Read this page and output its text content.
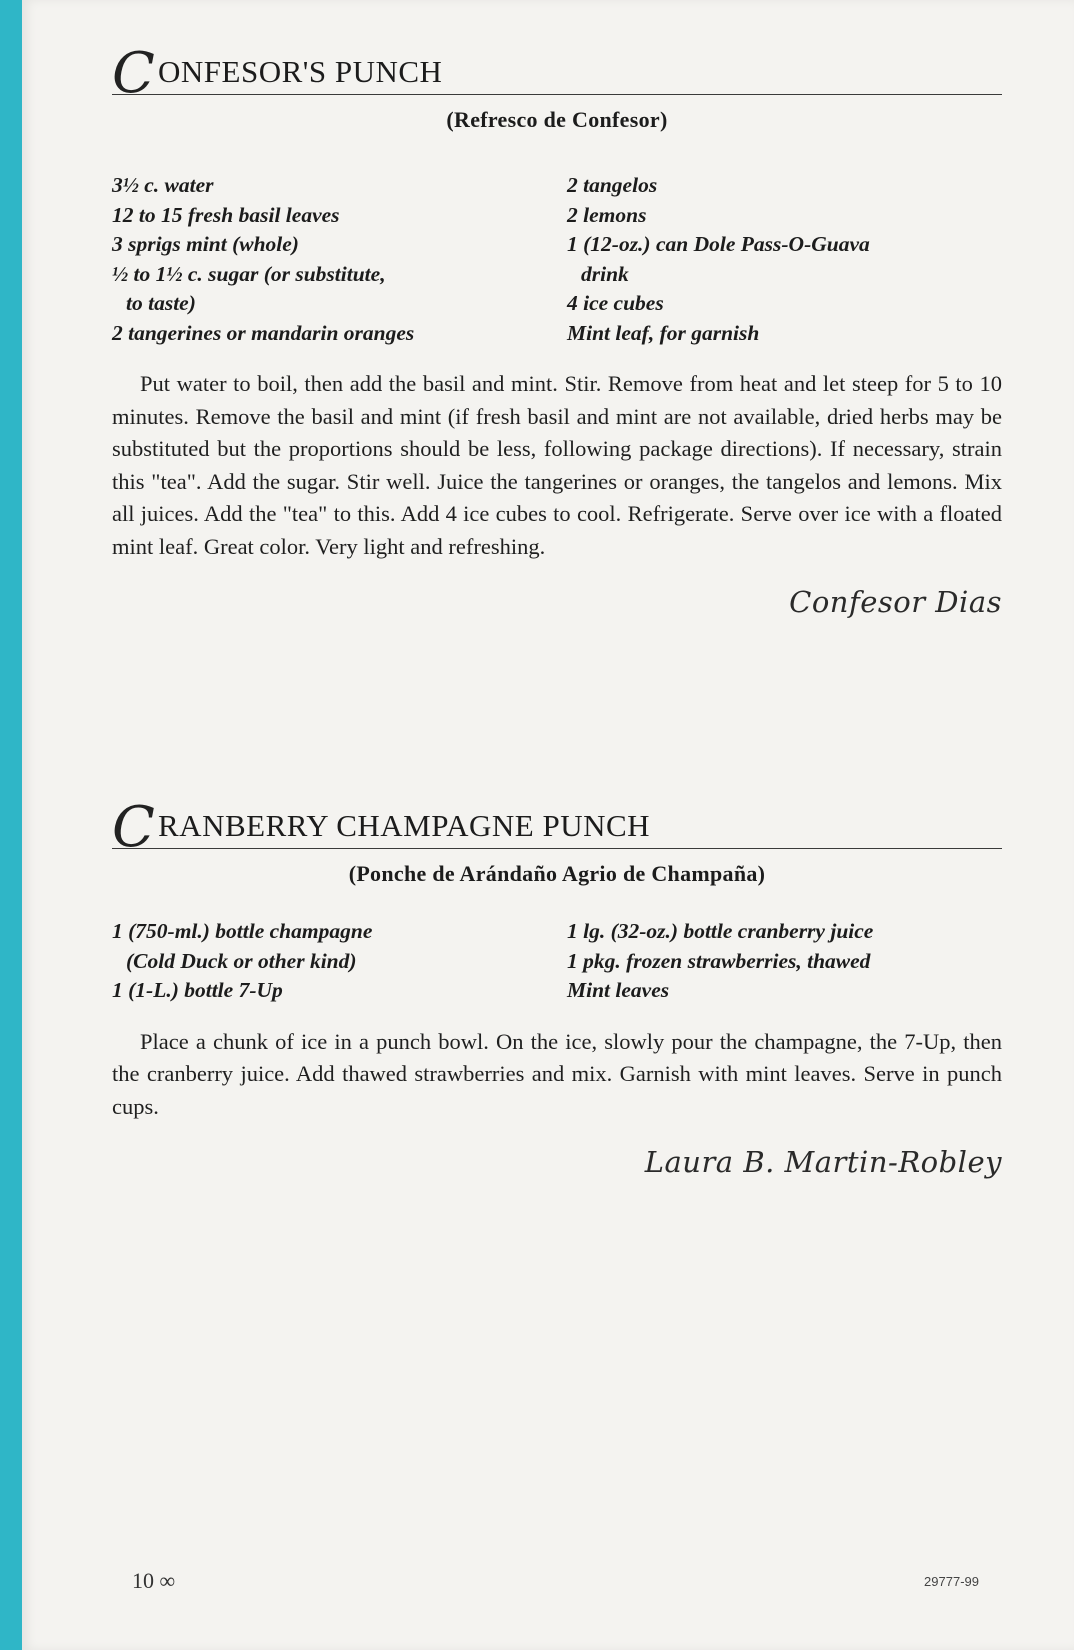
C ONFESOR'S PUNCH
(Refresco de Confesor)
3½ c. water
12 to 15 fresh basil leaves
3 sprigs mint (whole)
½ to 1½ c. sugar (or substitute,
to taste)
2 tangerines or mandarin oranges
2 tangelos
2 lemons
1 (12-oz.) can Dole Pass-O-Guava
drink
4 ice cubes
Mint leaf, for garnish
Put water to boil, then add the basil and mint. Stir. Remove from heat and let steep for 5 to 10 minutes. Remove the basil and mint (if fresh basil and mint are not available, dried herbs may be substituted but the proportions should be less, following package directions). If necessary, strain this "tea". Add the sugar. Stir well. Juice the tangerines or oranges, the tangelos and lemons. Mix all juices. Add the "tea" to this. Add 4 ice cubes to cool. Refrigerate. Serve over ice with a floated mint leaf. Great color. Very light and refreshing.
Confesor Dias
C RANBERRY CHAMPAGNE PUNCH
(Ponche de Arándaño Agrio de Champaña)
1 (750-ml.) bottle champagne
(Cold Duck or other kind)
1 (1-L.) bottle 7-Up
1 lg. (32-oz.) bottle cranberry juice
1 pkg. frozen strawberries, thawed
Mint leaves
Place a chunk of ice in a punch bowl. On the ice, slowly pour the champagne, the 7-Up, then the cranberry juice. Add thawed strawberries and mix. Garnish with mint leaves. Serve in punch cups.
Laura B. Martin-Robley
10 ∞	29777-99
